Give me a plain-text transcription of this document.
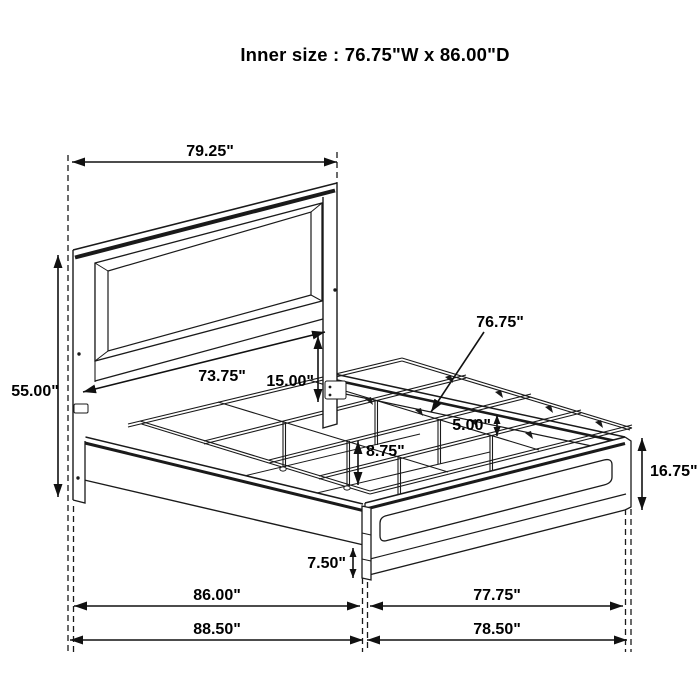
79.25"
55.00"
73.75" 15.00"
76.75"
5.00"
8.75"
16.75"
7.50"
86.00"
88.50"
77.75"
78.50"
Inner size : 76.75"W x 86.00"D
